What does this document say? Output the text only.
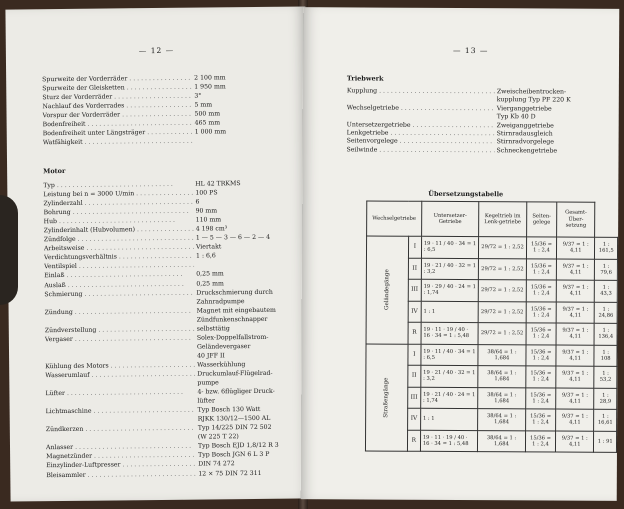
— 12 —
Spurweite der Vorderräder . . .	2 100 mm
Spurweite der Gleisketten . . .	1 950 mm
Sturz der Vorderräder . . .	3°
Nachlauf des Vorderrades . . .	5 mm
Vorspur der Vorderräder . . .	500 mm
Bodenfreiheit . . .	465 mm
Bodenfreiheit unter Längsträger . . .	1 000 mm
Watfähigkeit . . .
Motor
Typ . . .	HL 42 TRKMS
Leistung bei n = 3000 U/min . . .	100 PS
Zylinderzahl . . .	6
Bohrung . . .	90 mm
Hub . . .	110 mm
Zylinderinhalt (Hubvolumen) . . .	4 198 cm³
Zündfolge . . .	1 — 5 — 3 — 6 — 2 — 4
Arbeitsweise . . .	Viertakt
Verdichtungsverhältnis . . .	1 : 6,6
Ventilspiel . . .
Einlaß . . .	0,25 mm
Auslaß . . .	0,25 mm
Schmierung . . .	Druckschmierung durch
Zahnradpumpe
Zündung . . .	Magnet mit eingebautem
Zündfunkenschnapper
Zündverstellung . . .	selbsttätig
Vergaser . . .	Solex-Doppelfallstrom-
Geländevergaser
40 JFF II
Kühlung des Motors . . .	Wasserkühlung
Wasserumlauf . . .	Druckumlauf-Flügelrad-
pumpe
Lüfter . . .	4- bzw. 6flügliger Druck-
lüfter
Lichtmaschine . . .	Typ Bosch 130 Watt
RJKK 130/12—1500 AL
Zündkerzen . . .	Typ 14/225 DIN 72 502
(W 225 T 22)
Anlasser . . .	Typ Bosch EJD 1,8/12 R 3
Magnetzünder . . .	Typ Bosch JGN 6 L 3 P
Einzylinder-Luftpresser . . .	DIN 74 272
Bleisammler . . .	12 × 75 DIN 72 311
— 13 —
Triebwerk
Kupplung . . .	Zweischeibentrocken-
kupplung Typ PF 220 K
Wechselgetriebe . . .	Vierganggetriebe
Typ Kb 40 D
Untersetzergetriebe . . .	Zweiganggetriebe
Lenkgetriebe . . .	Stirnradausgleich
Seitenvorgelege . . .	Stirnradvorgelege
Seilwinde . . .	Schneckengetriebe
Übersetzungstabelle
Wechselgetriebe		Untersetzer-Getriebe	Kegeltrieb im Lenk-getriebe	Seiten-gelege	Gesamt-Über-setzung	
Geländegänge	I	19 · 11 / 40 · 34 = 1 : 6,5	29/72 = 1 : 2,52	15/36 = 1 : 2,4	9/37 = 1 : 4,11	1 : 161,5
	II	19 · 21 / 40 · 32 = 1 : 3,2	29/72 = 1 : 2,52	15/36 = 1 : 2,4	9/37 = 1 : 4,11	1 : 79,6
	III	19 · 29 / 40 · 24 = 1 : 1,74	29/72 = 1 : 2,52	15/36 = 1 : 2,4	9/37 = 1 : 4,11	1 : 43,3
	IV	1 : 1	29/72 = 1 : 2,52	15/36 = 1 : 2,4	9/37 = 1 : 4,11	1 : 24,86
	R	19 · 11 · 19 / 40 · 16 · 34 = 1 : 5,48	29/72 = 1 : 2,52	15/36 = 1 : 2,4	9/37 = 1 : 4,11	1 : 136,4
Straßengänge	I	19 · 11 / 40 · 34 = 1 : 6,5	38/64 = 1 : 1,684	15/36 = 1 : 2,4	9/37 = 1 : 4,11	1 : 108
	II	19 · 21 / 40 · 32 = 1 : 3,2	38/64 = 1 : 1,684	15/36 = 1 : 2,4	9/37 = 1 : 4,11	1 : 53,2
	III	19 · 21 / 40 · 24 = 1 : 1,74	38/64 = 1 : 1,684	15/36 = 1 : 2,4	9/37 = 1 : 4,11	1 : 28,9
	IV	1 : 1	38/64 = 1 : 1,684	15/36 = 1 : 2,4	9/37 = 1 : 4,11	1 : 16,61
	R	19 · 11 · 19 / 40 · 16 · 34 = 1 : 5,48	38/64 = 1 : 1,684	15/36 = 1 : 2,4	9/37 = 1 : 4,11	1 : 91
